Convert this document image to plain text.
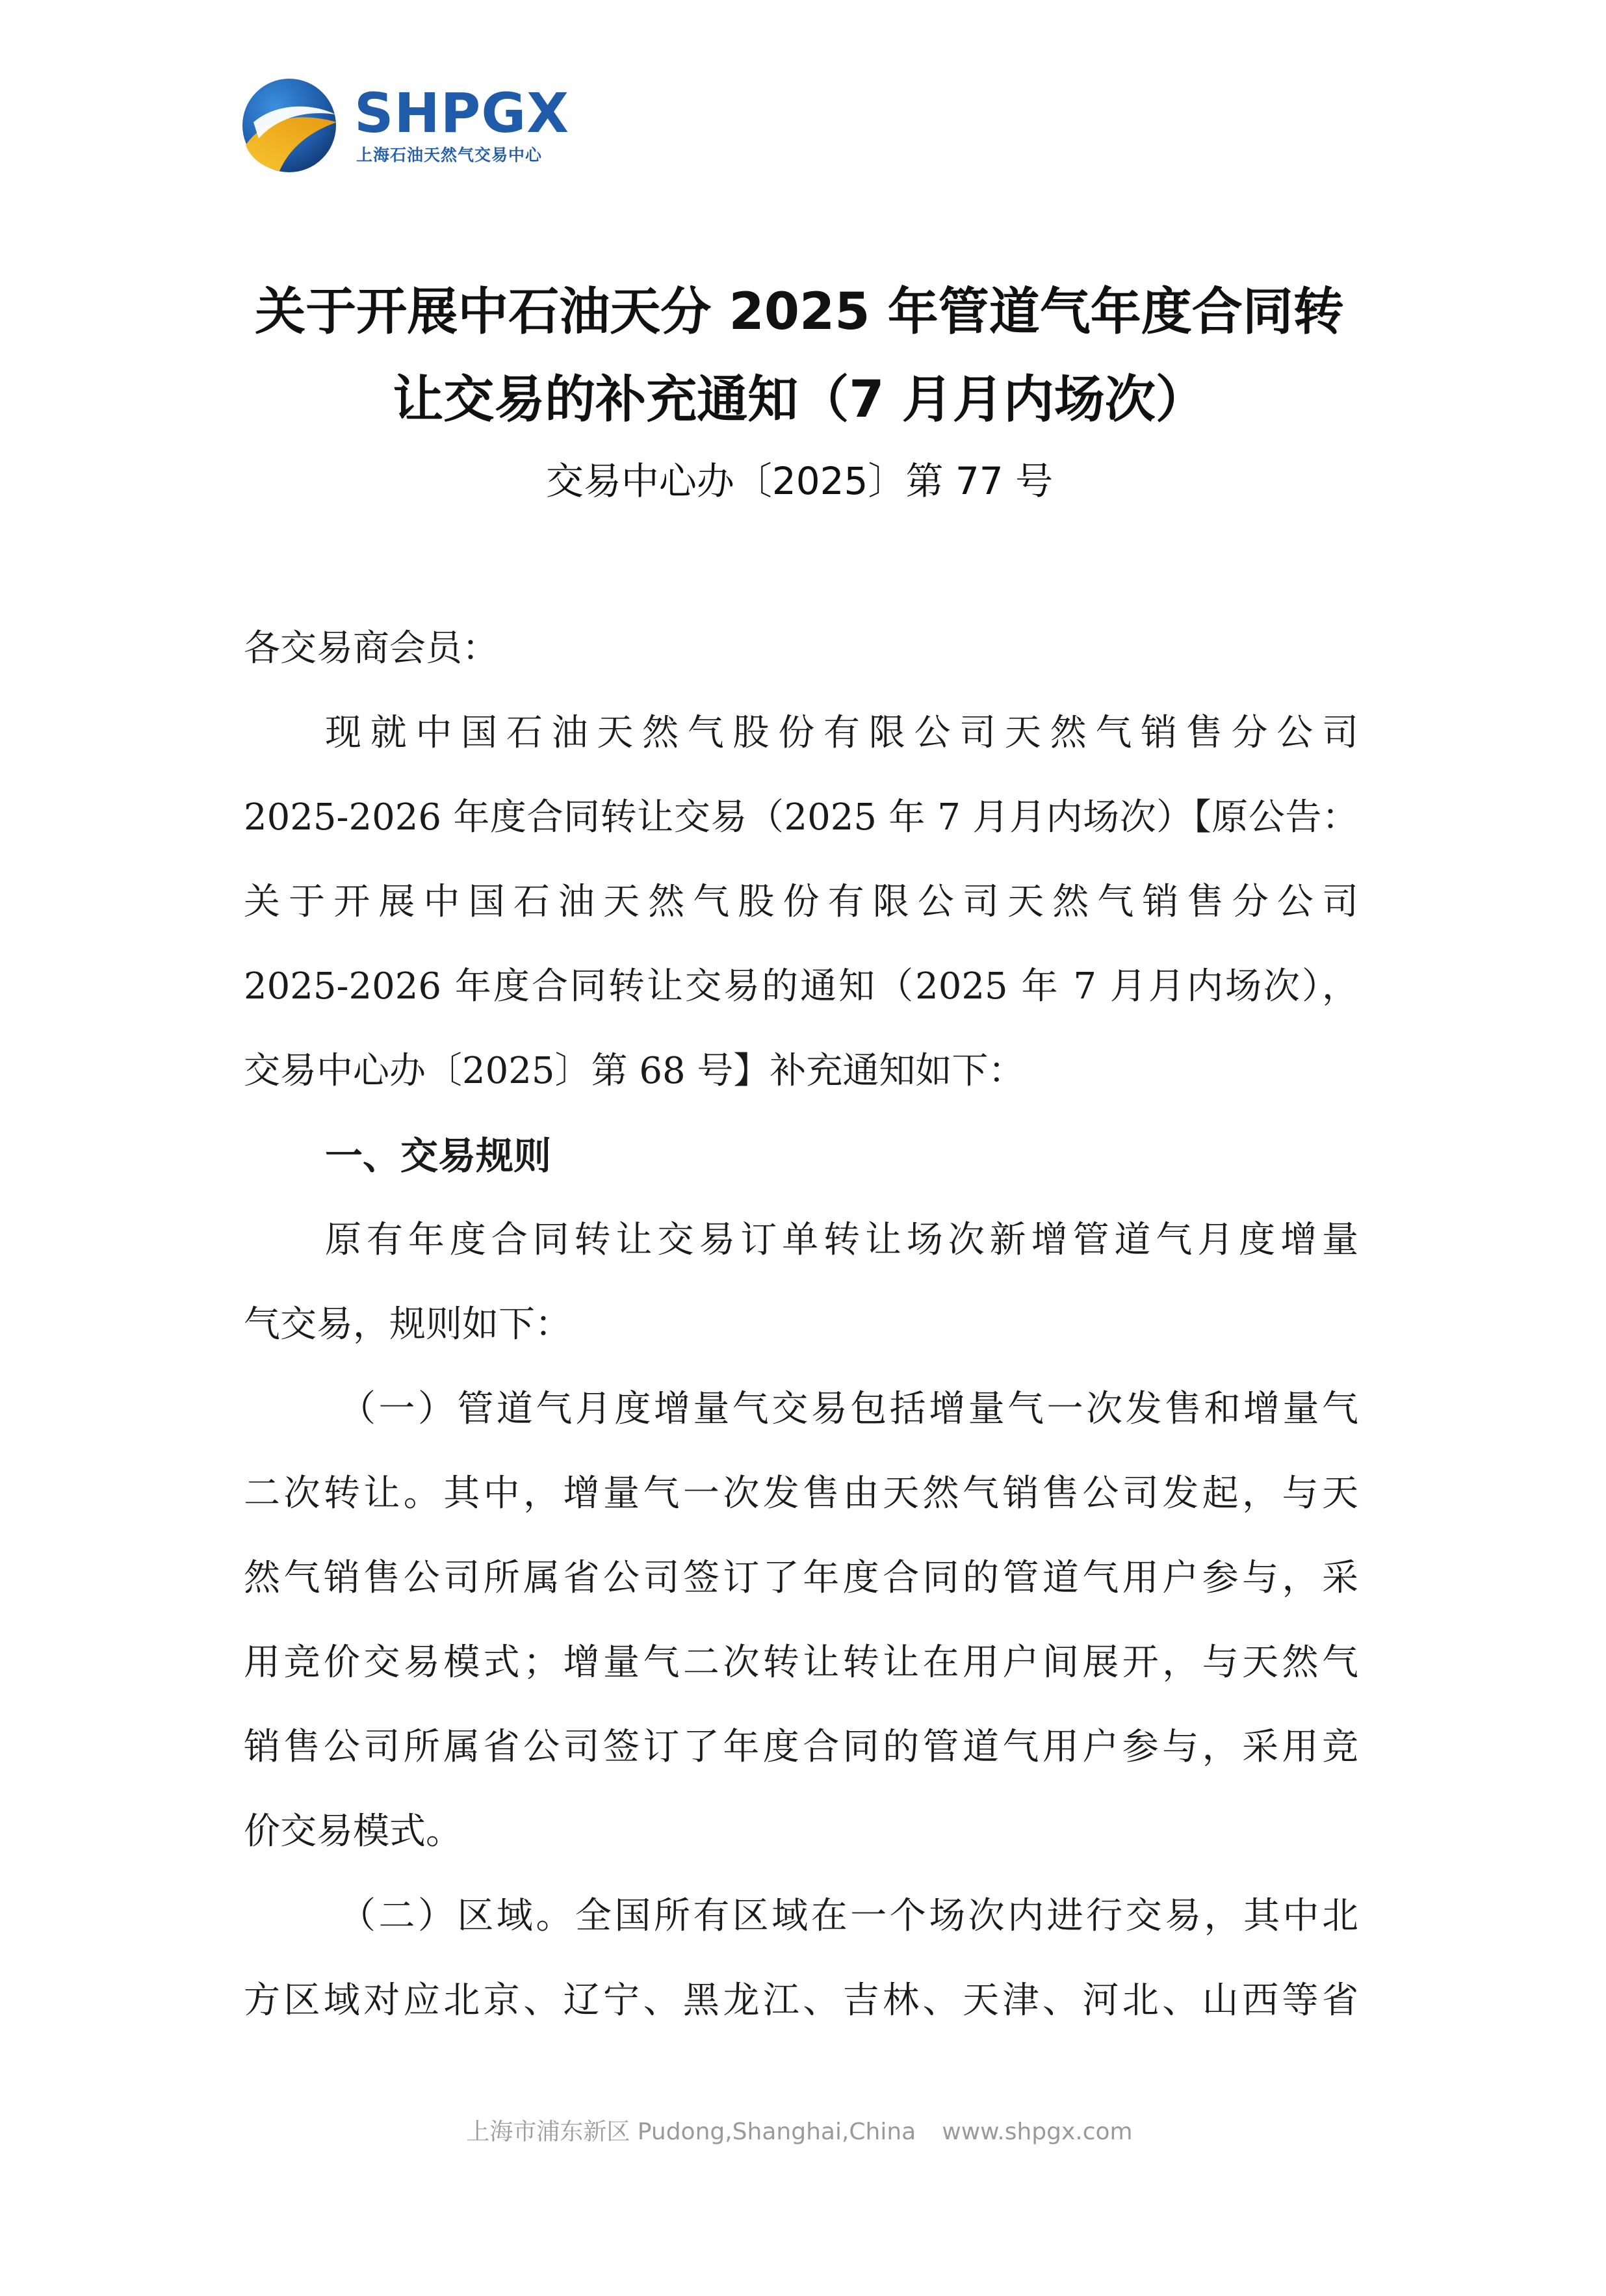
SHPGX
上海石油天然气交易中心
关于开展中石油天分 2025 年管道气年度合同转
让交易的补充通知（7 月月内场次）
交易中心办〔2025〕第 77 号
各交易商会员：
现就中国石油天然气股份有限公司天然气销售分公司
2025-2026 年度合同转让交易（2025 年 7 月月内场次）【原公告：
关于开展中国石油天然气股份有限公司天然气销售分公司
2025-2026 年度合同转让交易的通知（2025 年 7 月月内场次），
交易中心办〔2025〕第 68 号】补充通知如下：
一、交易规则
原有年度合同转让交易订单转让场次新增管道气月度增量
气交易，规则如下：
（一）管道气月度增量气交易包括增量气一次发售和增量气
二次转让。其中，增量气一次发售由天然气销售公司发起，与天
然气销售公司所属省公司签订了年度合同的管道气用户参与，采
用竞价交易模式；增量气二次转让转让在用户间展开，与天然气
销售公司所属省公司签订了年度合同的管道气用户参与，采用竞
价交易模式。
（二）区域。全国所有区域在一个场次内进行交易，其中北
方区域对应北京、辽宁、黑龙江、吉林、天津、河北、山西等省
上海市浦东新区 Pudong,Shanghai,China www.shpgx.com
